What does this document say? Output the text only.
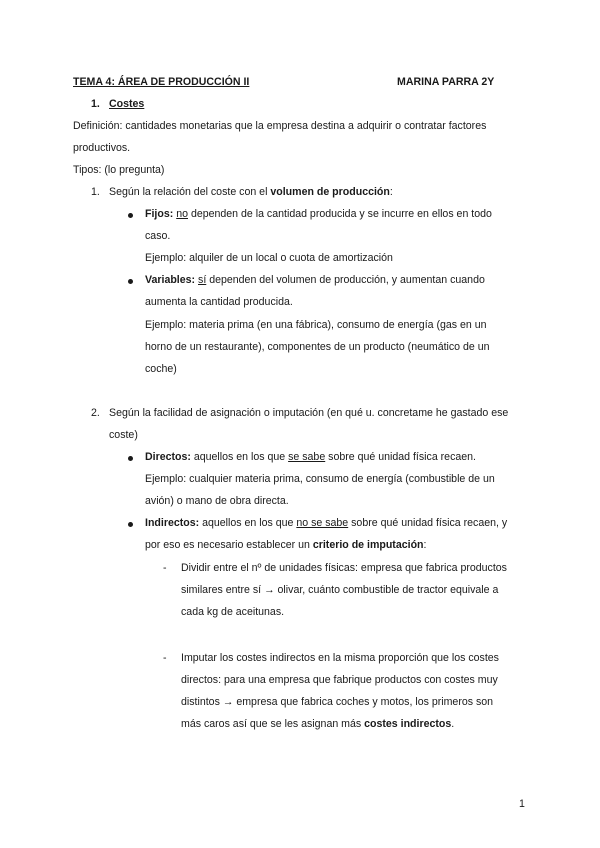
TEMA 4: ÁREA DE PRODUCCIÓN II	MARINA PARRA 2Y
1. Costes
Definición: cantidades monetarias que la empresa destina a adquirir o contratar factores
productivos.
Tipos: (lo pregunta)
1. Según la relación del coste con el volumen de producción:
Fijos: no dependen de la cantidad producida y se incurre en ellos en todo
caso.
Ejemplo: alquiler de un local o cuota de amortización
Variables: sí dependen del volumen de producción, y aumentan cuando
aumenta la cantidad producida.
Ejemplo: materia prima (en una fábrica), consumo de energía (gas en un
horno de un restaurante), componentes de un producto (neumático de un
coche)
2. Según la facilidad de asignación o imputación (en qué u. concretame he gastado ese
coste)
Directos: aquellos en los que se sabe sobre qué unidad física recaen.
Ejemplo: cualquier materia prima, consumo de energía (combustible de un
avión) o mano de obra directa.
Indirectos: aquellos en los que no se sabe sobre qué unidad física recaen, y
por eso es necesario establecer un criterio de imputación:
- Dividir entre el nº de unidades físicas: empresa que fabrica productos
similares entre sí → olivar, cuánto combustible de tractor equivale a
cada kg de aceitunas.
- Imputar los costes indirectos en la misma proporción que los costes
directos: para una empresa que fabrique productos con costes muy
distintos → empresa que fabrica coches y motos, los primeros son
más caros así que se les asignan más costes indirectos.
1
